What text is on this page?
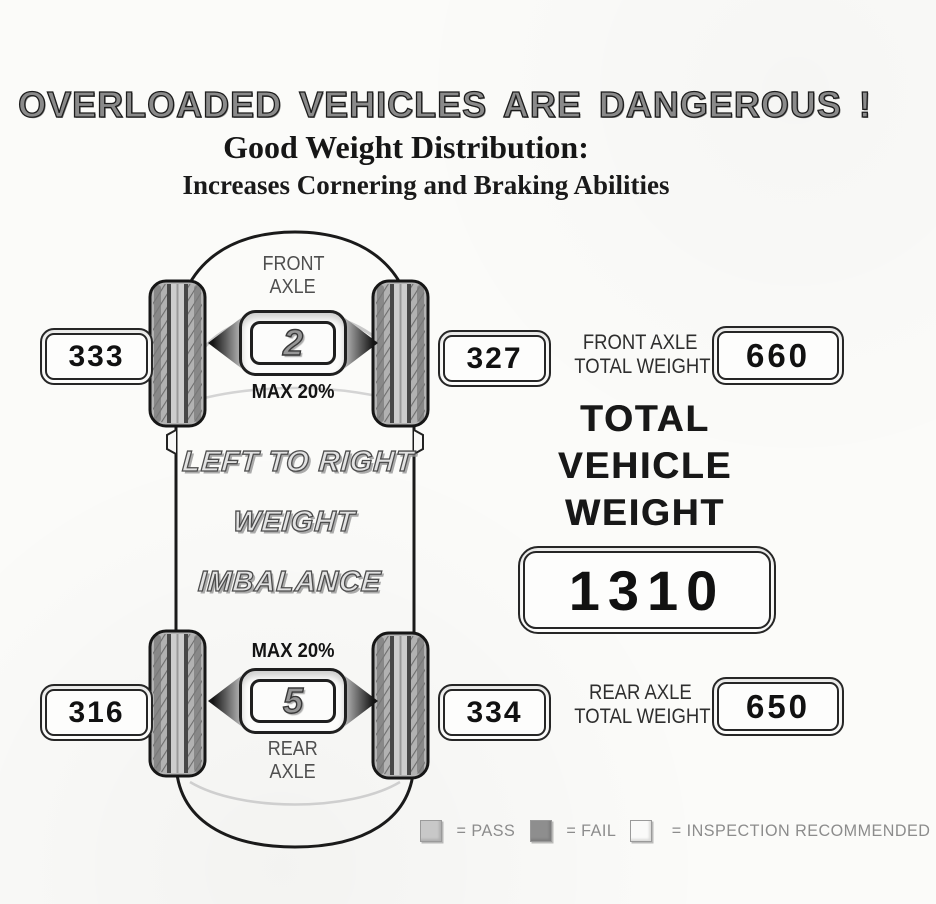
OVERLOADED VEHICLES ARE DANGEROUS !
Good Weight Distribution:
Increases Cornering and Braking Abilities
FRONT
AXLE
2
MAX 20%
LEFT TO RIGHT
WEIGHT
IMBALANCE
MAX 20%
5
REAR
AXLE
333	327
316	334
FRONT AXLE
TOTAL WEIGHT	660
TOTAL
VEHICLE
WEIGHT
1310
REAR AXLE
TOTAL WEIGHT	650
= PASS	= FAIL	= INSPECTION RECOMMENDED
